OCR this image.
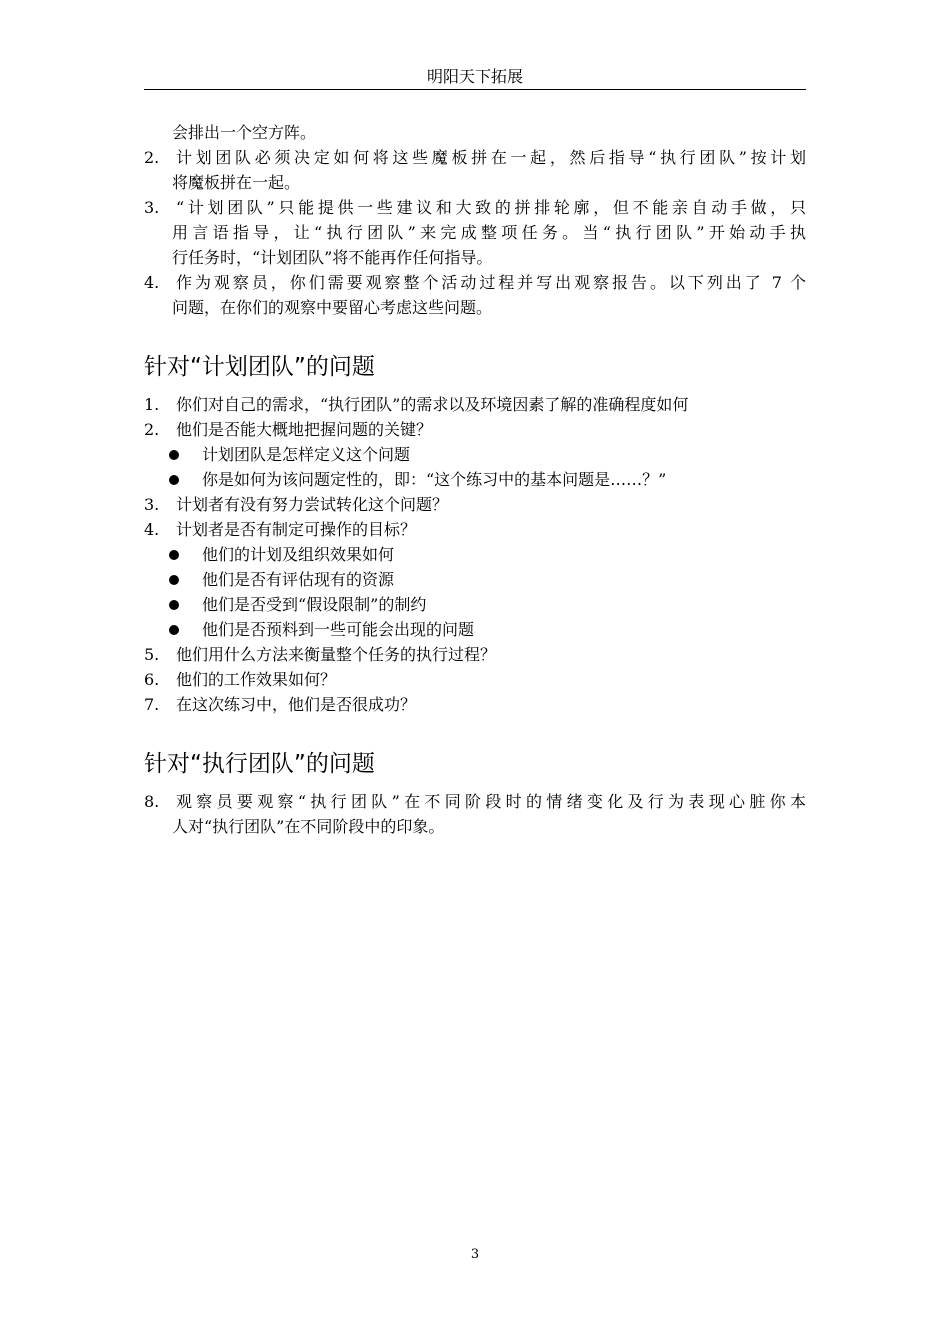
明阳天下拓展
会排出一个空方阵。
2.	计划团队必须决定如何将这些魔板拼在一起，然后指导“执行团队”按计划
将魔板拼在一起。
3.	“计划团队”只能提供一些建议和大致的拼排轮廓，但不能亲自动手做，只
用言语指导，让“执行团队”来完成整项任务。当“执行团队”开始动手执
行任务时，“计划团队”将不能再作任何指导。
4.	作为观察员，你们需要观察整个活动过程并写出观察报告。以下列出了 7 个
问题，在你们的观察中要留心考虑这些问题。
针对“计划团队”的问题
1.	你们对自己的需求，“执行团队”的需求以及环境因素了解的准确程度如何
2.	他们是否能大概地把握问题的关键？
计划团队是怎样定义这个问题
你是如何为该问题定性的，即：“这个练习中的基本问题是……？”
3.	计划者有没有努力尝试转化这个问题？
4.	计划者是否有制定可操作的目标？
他们的计划及组织效果如何
他们是否有评估现有的资源
他们是否受到“假设限制”的制约
他们是否预料到一些可能会出现的问题
5.	他们用什么方法来衡量整个任务的执行过程？
6.	他们的工作效果如何？
7.	在这次练习中，他们是否很成功？
针对“执行团队”的问题
8.	观察员要观察“执行团队”在不同阶段时的情绪变化及行为表现心脏你本
人对“执行团队”在不同阶段中的印象。
3
